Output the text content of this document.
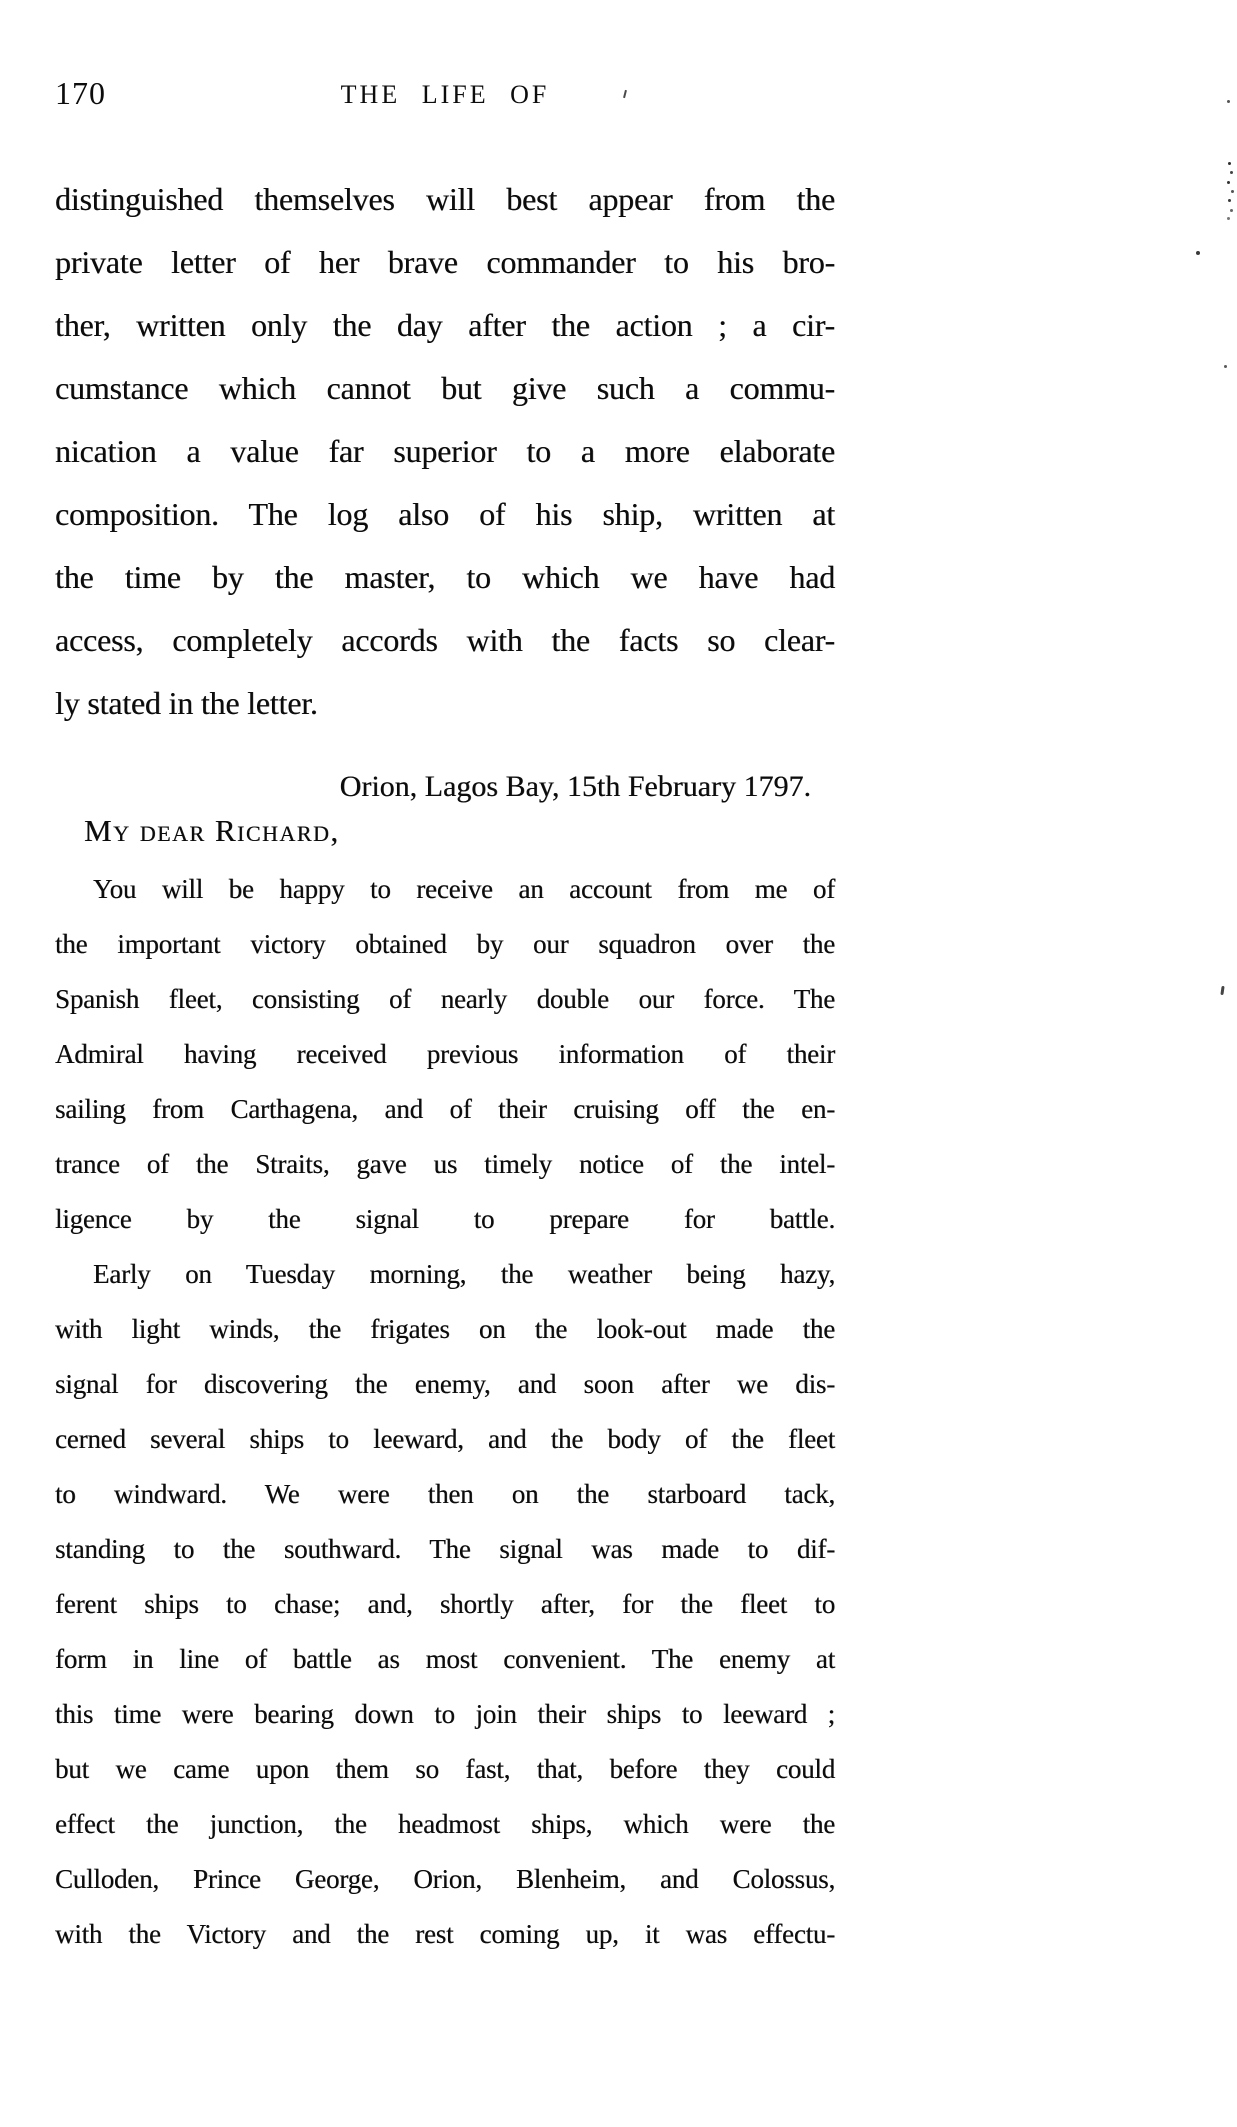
170	THE LIFE OF
distinguished themselves will best appear from the
private letter of her brave commander to his bro-
ther, written only the day after the action ; a cir-
cumstance which cannot but give such a commu-
nication a value far superior to a more elaborate
composition. The log also of his ship, written at
the time by the master, to which we have had
access, completely accords with the facts so clear-
ly stated in the letter.
Orion, Lagos Bay, 15th February 1797.
My dear Richard,
You will be happy to receive an account from me of
the important victory obtained by our squadron over the
Spanish fleet, consisting of nearly double our force. The
Admiral having received previous information of their
sailing from Carthagena, and of their cruising off the en-
trance of the Straits, gave us timely notice of the intel-
ligence by the signal to prepare for battle.
Early on Tuesday morning, the weather being hazy,
with light winds, the frigates on the look-out made the
signal for discovering the enemy, and soon after we dis-
cerned several ships to leeward, and the body of the fleet
to windward. We were then on the starboard tack,
standing to the southward. The signal was made to dif-
ferent ships to chase; and, shortly after, for the fleet to
form in line of battle as most convenient. The enemy at
this time were bearing down to join their ships to leeward ;
but we came upon them so fast, that, before they could
effect the junction, the headmost ships, which were the
Culloden, Prince George, Orion, Blenheim, and Colossus,
with the Victory and the rest coming up, it was effectu-
